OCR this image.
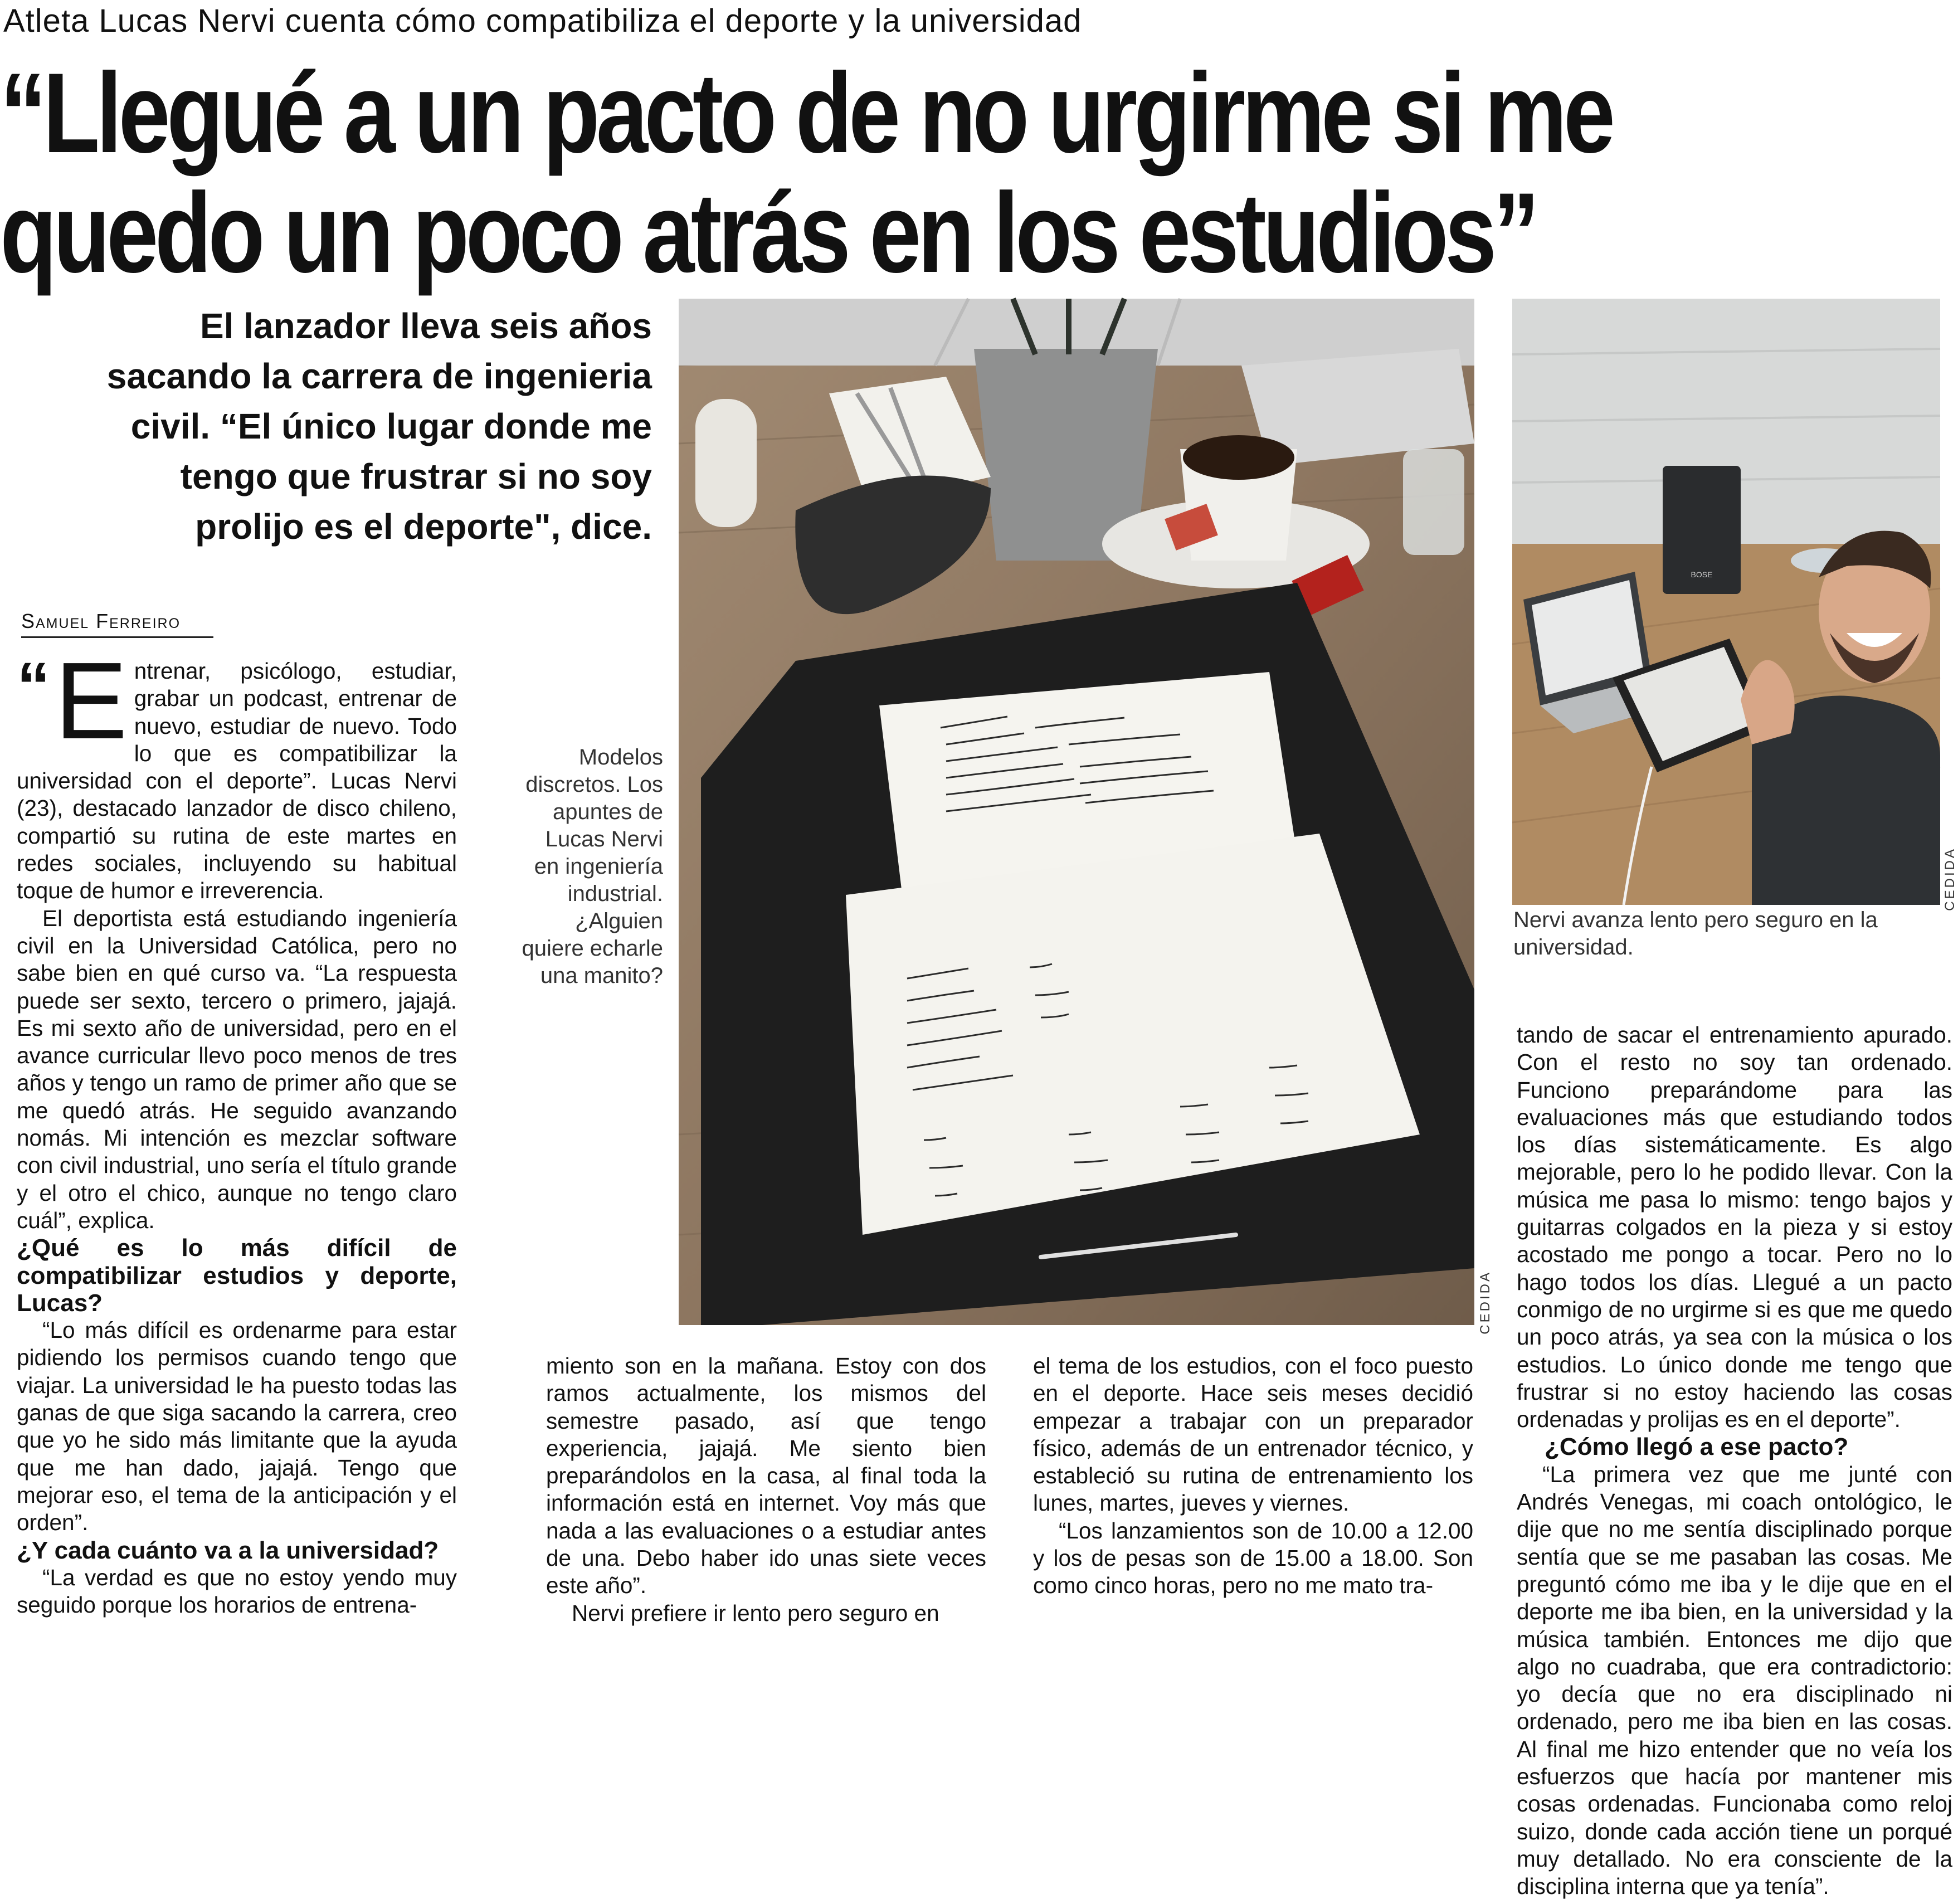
Atleta Lucas Nervi cuenta cómo compatibiliza el deporte y la universidad
“Llegué a un pacto de no urgirme si me
quedo un poco atrás en los estudios”
El lanzador lleva seis años sacando la carrera de ingenieria civil. “El único lugar donde me tengo que frustrar si no soy prolijo es el deporte", dice.
Samuel Ferreiro

“ E ntrenar, psicólogo, estudiar, grabar un podcast, entrenar de nuevo, estudiar de nuevo. Todo lo que es compatibilizar la universidad con el deporte”. Lucas Nervi (23), destacado lanzador de disco chileno, compartió su rutina de este martes en redes sociales, incluyendo su habitual toque de humor e irreverencia.

El deportista está estudiando ingeniería civil en la Universidad Católica, pero no sabe bien en qué curso va. “La respuesta puede ser sexto, tercero o primero, jajajá. Es mi sexto año de universidad, pero en el avance curricular llevo poco menos de tres años y tengo un ramo de primer año que se me quedó atrás. He seguido avanzando nomás. Mi intención es mezclar software con civil industrial, uno sería el título grande y el otro el chico, aunque no tengo claro cuál”, explica.

¿Qué es lo más difícil de compatibilizar estudios y deporte, Lucas?

“Lo más difícil es ordenarme para estar pidiendo los permisos cuando tengo que viajar. La universidad le ha puesto todas las ganas de que siga sacando la carrera, creo que yo he sido más limitante que la ayuda que me han dado, jajajá. Tengo que mejorar eso, el tema de la anticipación y el orden”.

¿Y cada cuánto va a la universidad?

“La verdad es que no estoy yendo muy seguido porque los horarios de entrena-

Modelos discretos. Los apuntes de Lucas Nervi en ingeniería industrial. ¿Alguien quiere echarle una manito?
CEDIDA
BOSE
CEDIDA
Nervi avanza lento pero seguro en la universidad.

miento son en la mañana. Estoy con dos ramos actualmente, los mismos del semestre pasado, así que tengo experiencia, jajajá. Me siento bien preparándolos en la casa, al final toda la información está en internet. Voy más que nada a las evaluaciones o a estudiar antes de una. Debo haber ido unas siete veces este año”.

Nervi prefiere ir lento pero seguro en

el tema de los estudios, con el foco puesto en el deporte. Hace seis meses decidió empezar a trabajar con un preparador físico, además de un entrenador técnico, y estableció su rutina de entrenamiento los lunes, martes, jueves y viernes.

“Los lanzamientos son de 10.00 a 12.00 y los de pesas son de 15.00 a 18.00. Son como cinco horas, pero no me mato tra-

tando de sacar el entrenamiento apurado. Con el resto no soy tan ordenado. Funciono preparándome para las evaluaciones más que estudiando todos los días sistemáticamente. Es algo mejorable, pero lo he podido llevar. Con la música me pasa lo mismo: tengo bajos y guitarras colgados en la pieza y si estoy acostado me pongo a tocar. Pero no lo hago todos los días. Llegué a un pacto conmigo de no urgirme si es que me quedo un poco atrás, ya sea con la música o los estudios. Lo único donde me tengo que frustrar si no estoy haciendo las cosas ordenadas y prolijas es en el deporte”.

¿Cómo llegó a ese pacto?

“La primera vez que me junté con Andrés Venegas, mi coach ontológico, le dije que no me sentía disciplinado porque sentía que se me pasaban las cosas. Me preguntó cómo me iba y le dije que en el deporte me iba bien, en la universidad y la música también. Entonces me dijo que algo no cuadraba, que era contradictorio: yo decía que no era disciplinado ni ordenado, pero me iba bien en las cosas. Al final me hizo entender que no veía los esfuerzos que hacía por mantener mis cosas ordenadas. Funcionaba como reloj suizo, donde cada acción tiene un porqué muy detallado. No era consciente de la disciplina interna que ya tenía”.
